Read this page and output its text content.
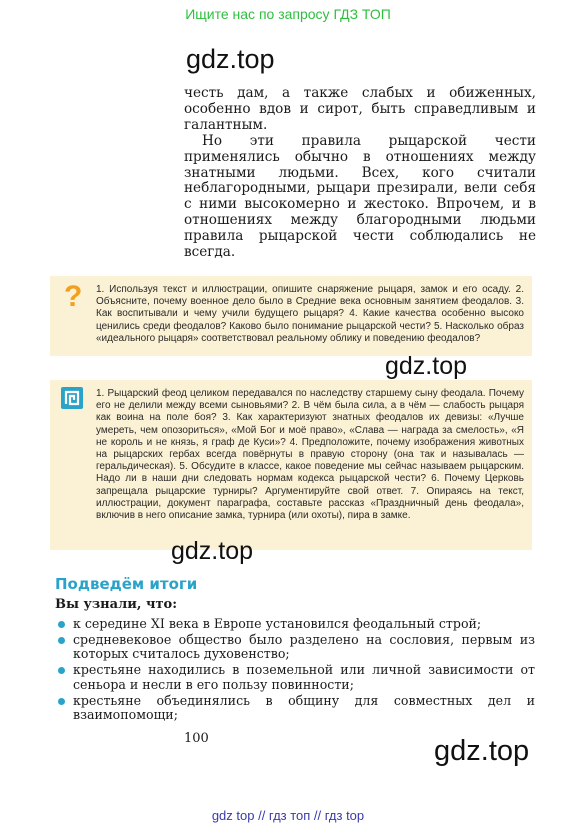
Ищите нас по запросу ГДЗ ТОП
gdz.top

честь дам, а также слабых и обиженных, особенно вдов и сирот, быть справедливым и галантным.

Но эти правила рыцарской чести применялись обычно в отношениях между знатными людьми. Всех, кого считали неблагородными, рыцари презирали, вели себя с ними высокомерно и жестоко. Впрочем, и в отношениях между благородными людьми правила рыцарской чести соблюдались не всегда.

? 1. Используя текст и иллюстрации, опишите снаряжение рыцаря, замок и его осаду. 2. Объясните, почему военное дело было в Средние века основным занятием феодалов. 3. Как воспитывали и чему учили будущего рыцаря? 4. Какие качества особенно высоко ценились среди феодалов? Каково было понимание рыцарской чести? 5. Насколько образ «идеального рыцаря» соответствовал реальному облику и поведению феодалов?
gdz.top
1. Рыцарский феод целиком передавался по наследству старшему сыну феодала. Почему его не делили между всеми сыновьями? 2. В чём была сила, а в чём — слабость рыцаря как воина на поле боя? 3. Как характеризуют знатных феодалов их девизы: «Лучше умереть, чем опозориться», «Мой Бог и моё право», «Слава — награда за смелость», «Я не король и не князь, я граф де Куси»? 4. Предположите, почему изображения животных на рыцарских гербах всегда повёрнуты в правую сторону (она так и называлась — геральдическая). 5. Обсудите в классе, какое поведение мы сейчас называем рыцарским. Надо ли в наши дни следовать нормам кодекса рыцарской чести? 6. Почему Церковь запрещала рыцарские турниры? Аргументируйте свой ответ. 7. Опираясь на текст, иллюстрации, документ параграфа, составьте рассказ «Праздничный день феодала», включив в него описание замка, турнира (или охоты), пира в замке.
gdz.top
Подведём итоги
Вы узнали, что:
к середине XI века в Европе установился феодальный строй;
средневековое общество было разделено на сословия, первым из которых считалось духовенство;
крестьяне находились в поземельной или личной зависимости от сеньора и несли в его пользу повинности;
крестьяне объединялись в общину для совместных дел и взаимопомощи;
100	gdz.top
gdz top // гдз топ // гдз top
